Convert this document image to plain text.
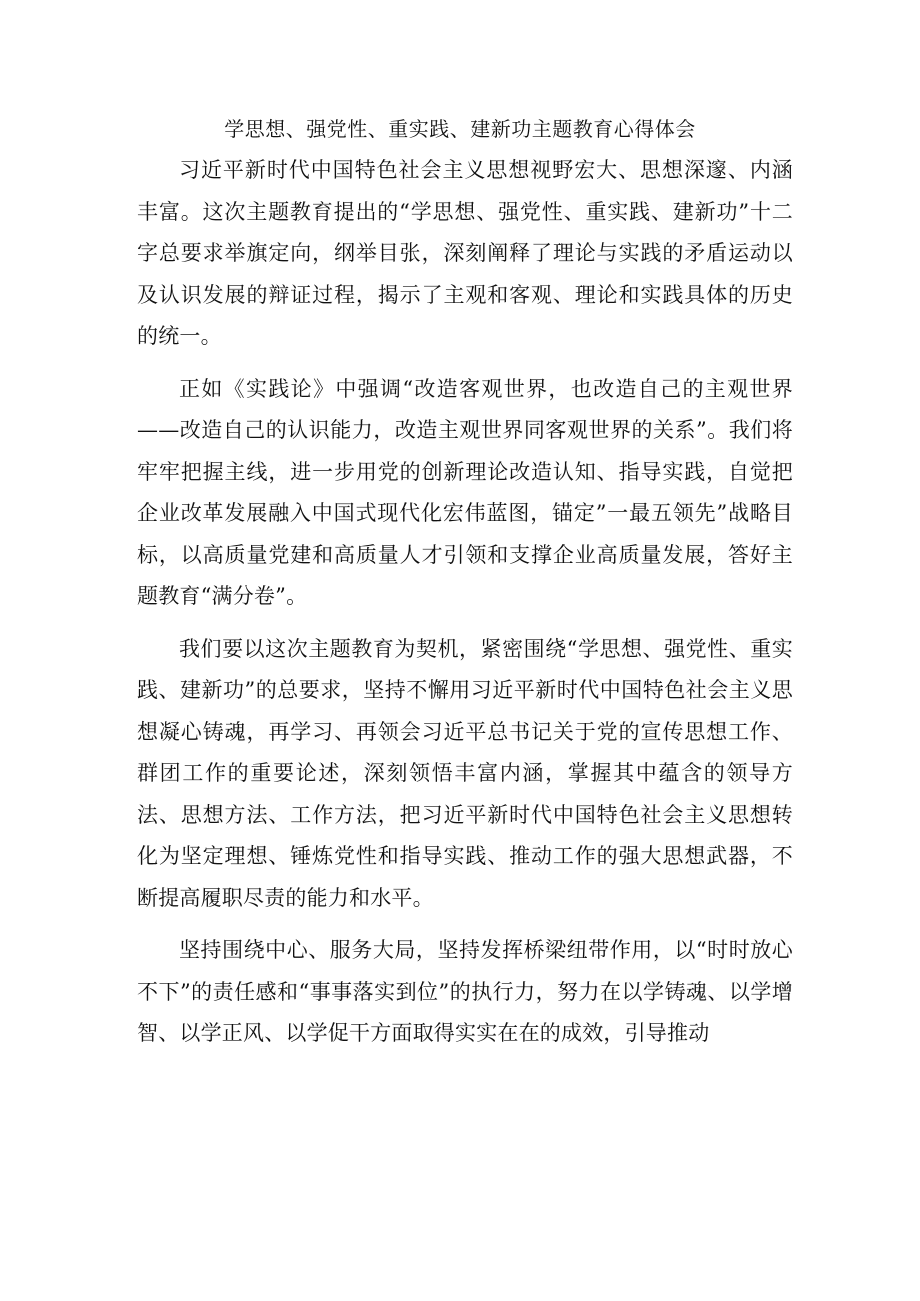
学思想、强党性、重实践、建新功主题教育心得体会

习近平新时代中国特色社会主义思想视野宏大、思想深邃、内涵丰富。这次主题教育提出的“学思想、强党性、重实践、建新功”十二字总要求举旗定向，纲举目张，深刻阐释了理论与实践的矛盾运动以及认识发展的辩证过程，揭示了主观和客观、理论和实践具体的历史的统一。

正如《实践论》中强调“改造客观世界，也改造自己的主观世界——改造自己的认识能力，改造主观世界同客观世界的关系”。我们将牢牢把握主线，进一步用党的创新理论改造认知、指导实践，自觉把企业改革发展融入中国式现代化宏伟蓝图，锚定”一最五领先”战略目标，以高质量党建和高质量人才引领和支撑企业高质量发展，答好主题教育“满分卷”。

我们要以这次主题教育为契机，紧密围绕“学思想、强党性、重实践、建新功”的总要求，坚持不懈用习近平新时代中国特色社会主义思想凝心铸魂，再学习、再领会习近平总书记关于党的宣传思想工作、群团工作的重要论述，深刻领悟丰富内涵，掌握其中蕴含的领导方法、思想方法、工作方法，把习近平新时代中国特色社会主义思想转化为坚定理想、锤炼党性和指导实践、推动工作的强大思想武器，不断提高履职尽责的能力和水平。

坚持围绕中心、服务大局，坚持发挥桥梁纽带作用，以“时时放心不下”的责任感和“事事落实到位”的执行力，努力在以学铸魂、以学增智、以学正风、以学促干方面取得实实在在的成效，引导推动
